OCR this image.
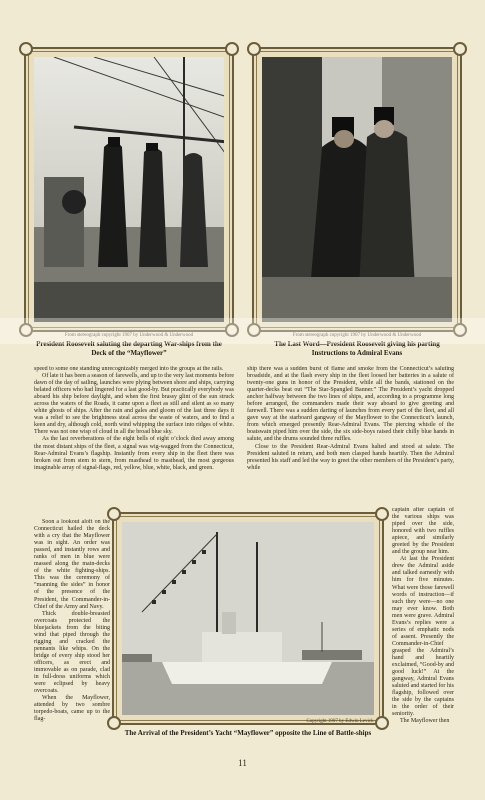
From stereograph copyright 1907 by Underwood & Underwood
President Roosevelt saluting the departing War-ships from the Deck of the “Mayflower”
From stereograph copyright 1907 by Underwood & Underwood
The Last Word—President Roosevelt giving his parting Instructions to Admiral Evans

speed to some one standing unrecognizably merged into the groups at the rails.

Of late it has been a season of farewells, and up to the very last moments before dawn of the day of sailing, launches were plying between shore and ships, carrying belated officers who had lingered for a last good-by. But practically everybody was aboard his ship before daylight, and when the first brassy glint of the sun struck across the waters of the Roads, it came upon a fleet as still and silent as so many white ghosts of ships. After the rain and gales and gloom of the last three days it was a relief to see the brightness steal across the waste of waters, and to find a keen and dry, although cold, north wind whipping the surface into ridges of white. There was not one wisp of cloud in all the broad blue sky.

As the last reverberations of the eight bells of eight o’clock died away among the most distant ships of the fleet, a signal was wig-wagged from the Connecticut, Rear-Admiral Evans’s flagship. Instantly from every ship in the fleet there was broken out from stem to stern, from masthead to masthead, the most gorgeous imaginable array of signal-flags, red, yellow, blue, white, black, and green.

Soon a lookout aloft on the Connecticut hailed the deck with a cry that the Mayflower was in sight. An order was passed, and instantly rows and ranks of men in blue were massed along the main-decks of the white fighting-ships. This was the ceremony of “manning the sides” in honor of the presence of the President, the Commander-in-Chief of the Army and Navy.

Thick double-breasted overcoats protected the bluejackets from the biting wind that piped through the rigging and cracked the pennants like whips. On the bridge of every ship stood her officers, as erect and immovable as on parade, clad in full-dress uniforms which were eclipsed by heavy overcoats.

When the Mayflower, attended by two sombre torpedo-boats, came up to the flag-

ship there was a sudden burst of flame and smoke from the Connecticut’s saluting broadside, and at the flash every ship in the fleet loosed her batteries in a salute of twenty-one guns in honor of the President, while all the bands, stationed on the quarter-decks beat out “The Star-Spangled Banner.” The President’s yacht dropped anchor halfway between the two lines of ships, and, according to a programme long before arranged, the commanders made their way aboard to give greeting and farewell. There was a sudden darting of launches from every part of the fleet, and all gave way at the starboard gangway of the Mayflower to the Connecticut’s launch, from which emerged presently Rear-Admiral Evans. The piercing whistle of the boatswain piped him over the side, the six side-boys raised their chilly blue hands in salute, and the drums sounded three ruffles.

Close to the President Rear-Admiral Evans halted and stood at salute. The President saluted in return, and both men clasped hands heartily. Then the Admiral presented his staff and led the way to greet the other members of the President’s party, while

captain after captain of the various ships was piped over the side, honored with two ruffles apiece, and similarly greeted by the President and the group near him.

At last the President drew the Admiral aside and talked earnestly with him for five minutes. What were those farewell words of instruction—if such they were—no one may ever know. Both men were grave. Admiral Evans’s replies were a series of emphatic nods of assent. Presently the Commander-in-Chief grasped the Admiral’s hand and heartily exclaimed, “Good-by and good luck!” At the gangway, Admiral Evans saluted and started for his flagship, followed over the side by the captains in the order of their seniority.

The Mayflower then

Copyright 1907 by Edwin Levick
The Arrival of the President’s Yacht “Mayflower” opposite the Line of Battle-ships
11
